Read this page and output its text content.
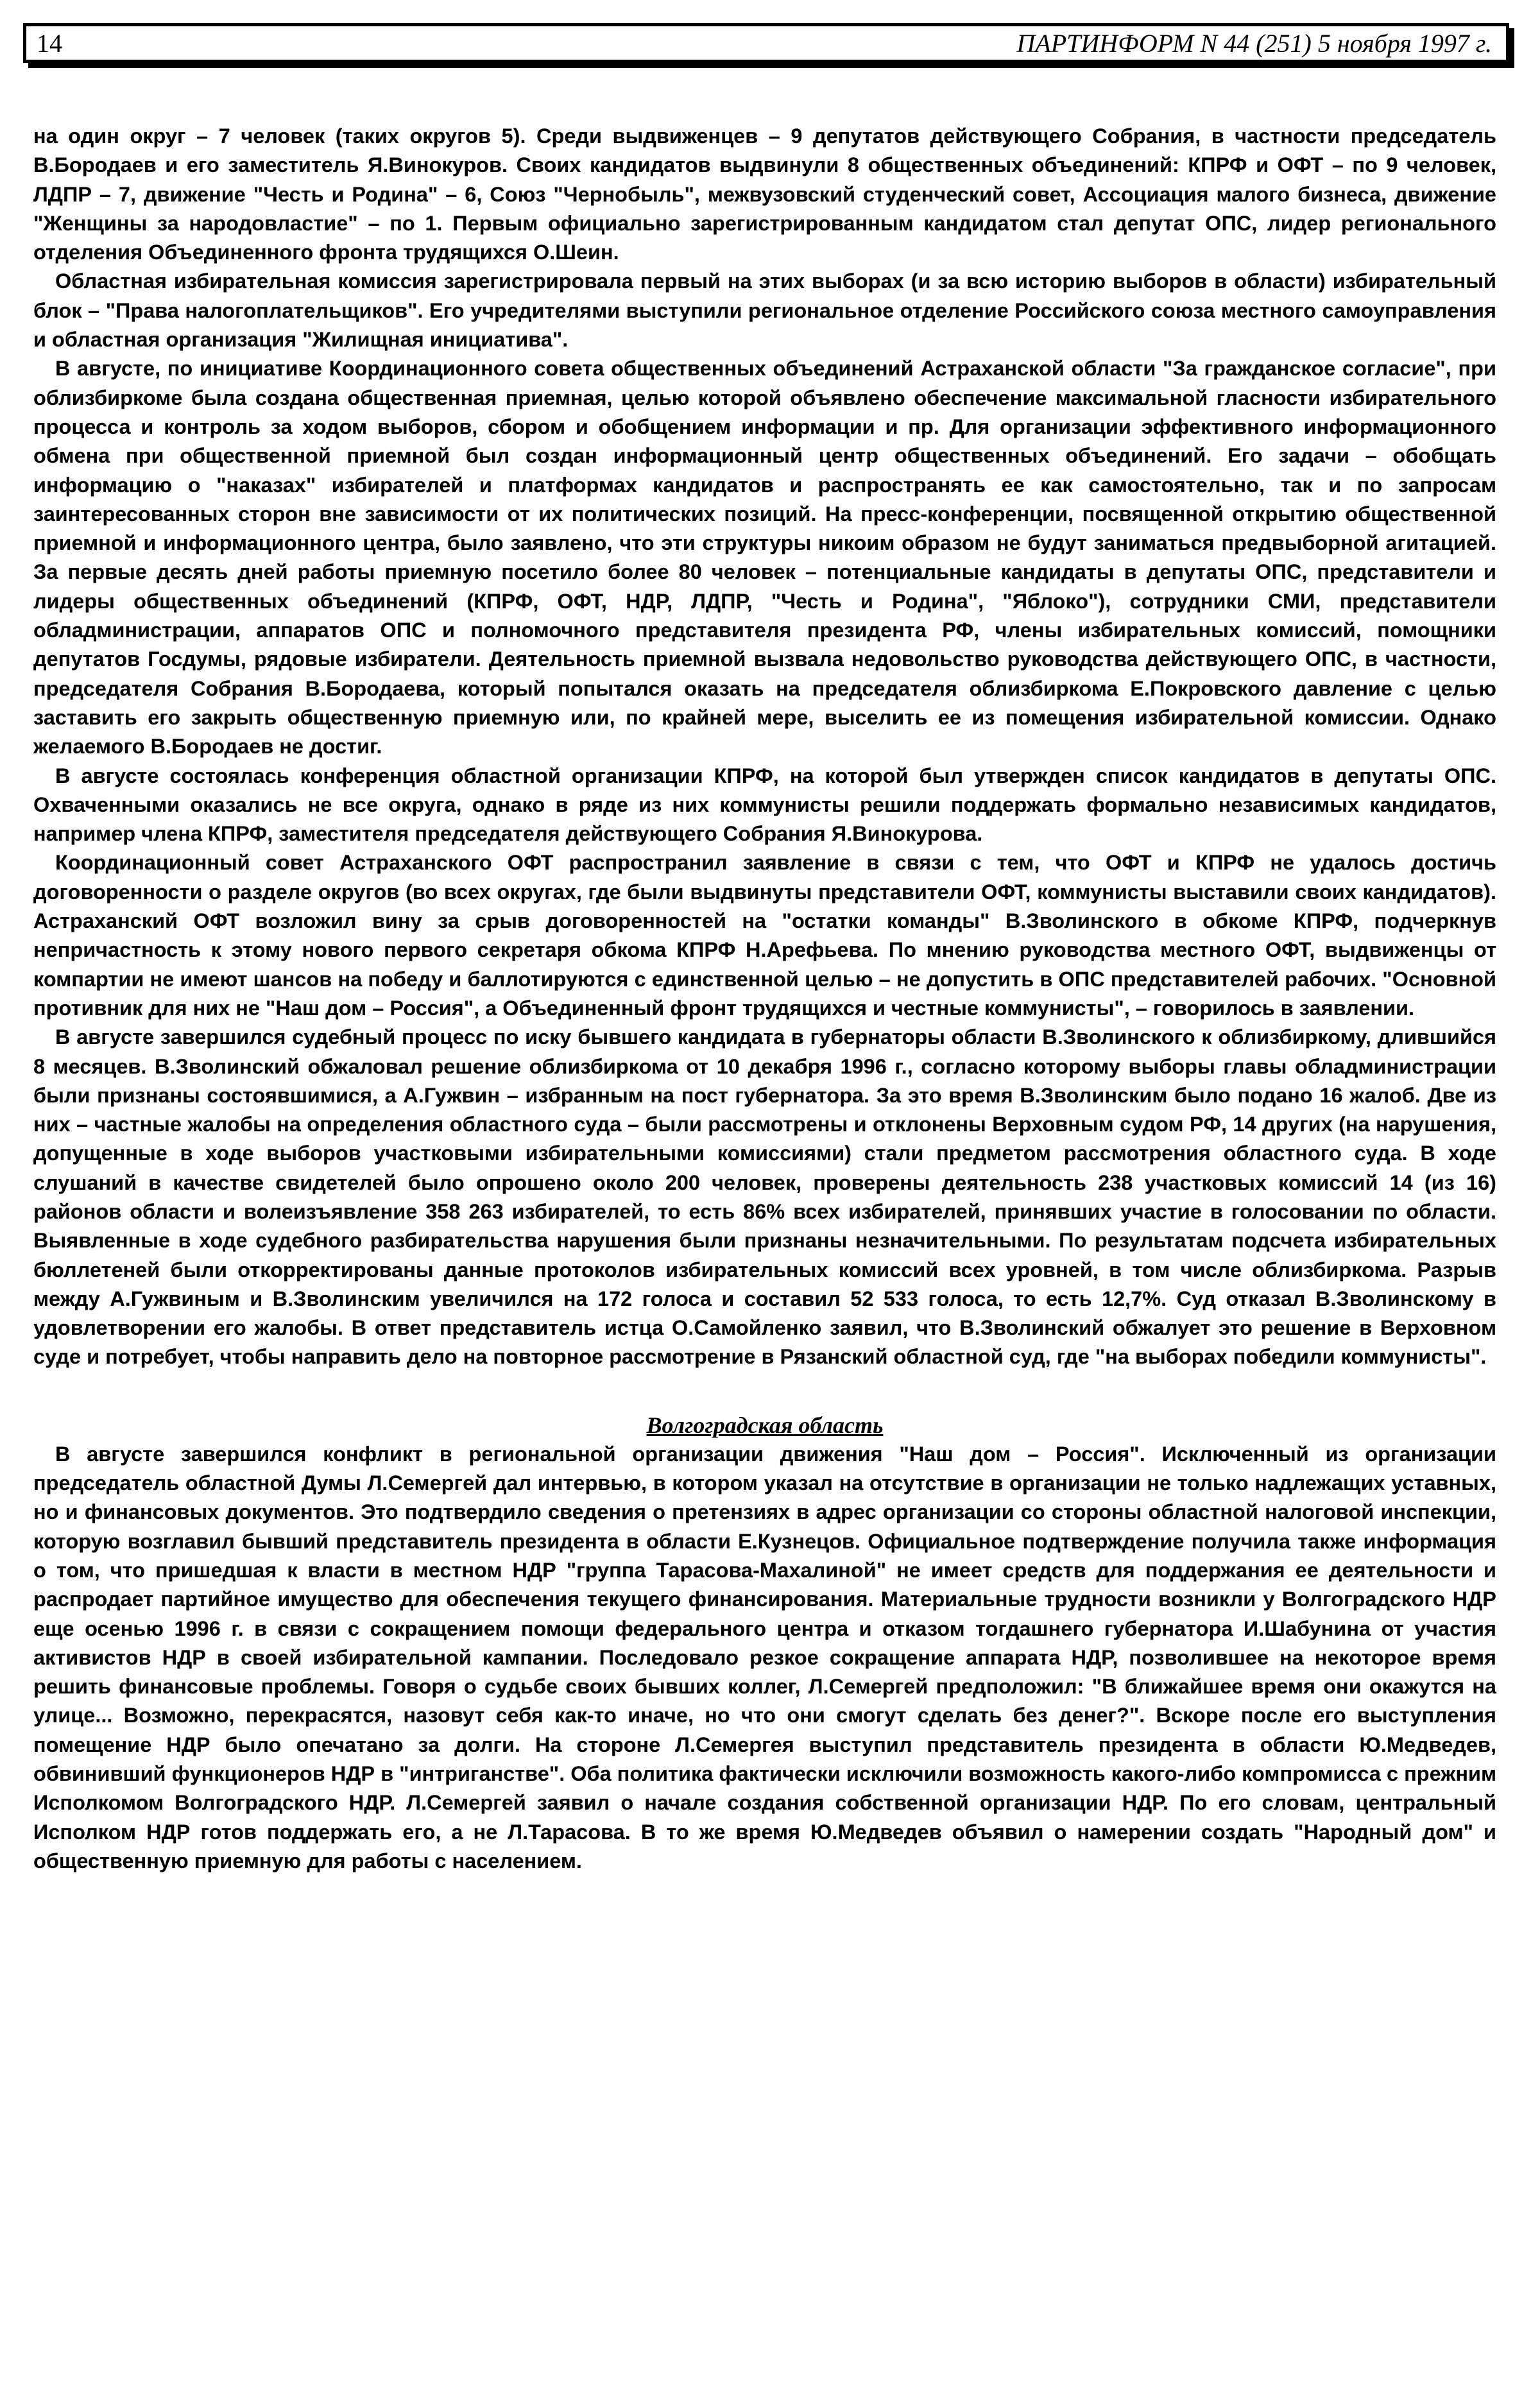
14	ПАРТИНФОРМ N 44 (251) 5 ноября 1997 г.

на один округ – 7 человек (таких округов 5). Среди выдвиженцев – 9 депутатов действующего Собрания, в частности председатель В.Бородаев и его заместитель Я.Винокуров. Своих кандидатов выдвинули 8 общественных объединений: КПРФ и ОФТ – по 9 человек, ЛДПР – 7, движение "Честь и Родина" – 6, Союз "Чернобыль", межвузовский студенческий совет, Ассоциация малого бизнеса, движение "Женщины за народовластие" – по 1. Первым официально зарегистрированным кандидатом стал депутат ОПС, лидер регионального отделения Объединенного фронта трудящихся О.Шеин.

Областная избирательная комиссия зарегистрировала первый на этих выборах (и за всю историю выборов в области) избирательный блок – "Права налогоплательщиков". Его учредителями выступили региональное отделение Российского союза местного самоуправления и областная организация "Жилищная инициатива".

В августе, по инициативе Координационного совета общественных объединений Астраханской области "За гражданское согласие", при облизбиркоме была создана общественная приемная, целью которой объявлено обеспечение максимальной гласности избирательного процесса и контроль за ходом выборов, сбором и обобщением информации и пр. Для организации эффективного информационного обмена при общественной приемной был создан информационный центр общественных объединений. Его задачи – обобщать информацию о "наказах" избирателей и платформах кандидатов и распространять ее как самостоятельно, так и по запросам заинтересованных сторон вне зависимости от их политических позиций. На пресс-конференции, посвященной открытию общественной приемной и информационного центра, было заявлено, что эти структуры никоим образом не будут заниматься предвыборной агитацией. За первые десять дней работы приемную посетило более 80 человек – потенциальные кандидаты в депутаты ОПС, представители и лидеры общественных объединений (КПРФ, ОФТ, НДР, ЛДПР, "Честь и Родина", "Яблоко"), сотрудники СМИ, представители обладминистрации, аппаратов ОПС и полномочного представителя президента РФ, члены избирательных комиссий, помощники депутатов Госдумы, рядовые избиратели. Деятельность приемной вызвала недовольство руководства действующего ОПС, в частности, председателя Собрания В.Бородаева, который попытался оказать на председателя облизбиркома Е.Покровского давление с целью заставить его закрыть общественную приемную или, по крайней мере, выселить ее из помещения избирательной комиссии. Однако желаемого В.Бородаев не достиг.

В августе состоялась конференция областной организации КПРФ, на которой был утвержден список кандидатов в депутаты ОПС. Охваченными оказались не все округа, однако в ряде из них коммунисты решили поддержать формально независимых кандидатов, например члена КПРФ, заместителя председателя действующего Собрания Я.Винокурова.

Координационный совет Астраханского ОФТ распространил заявление в связи с тем, что ОФТ и КПРФ не удалось достичь договоренности о разделе округов (во всех округах, где были выдвинуты представители ОФТ, коммунисты выставили своих кандидатов). Астраханский ОФТ возложил вину за срыв договоренностей на "остатки команды" В.Зволинского в обкоме КПРФ, подчеркнув непричастность к этому нового первого секретаря обкома КПРФ Н.Арефьева. По мнению руководства местного ОФТ, выдвиженцы от компартии не имеют шансов на победу и баллотируются с единственной целью – не допустить в ОПС представителей рабочих. "Основной противник для них не "Наш дом – Россия", а Объединенный фронт трудящихся и честные коммунисты", – говорилось в заявлении.

В августе завершился судебный процесс по иску бывшего кандидата в губернаторы области В.Зволинского к облизбиркому, длившийся 8 месяцев. В.Зволинский обжаловал решение облизбиркома от 10 декабря 1996 г., согласно которому выборы главы обладминистрации были признаны состоявшимися, а А.Гужвин – избранным на пост губернатора. За это время В.Зволинским было подано 16 жалоб. Две из них – частные жалобы на определения областного суда – были рассмотрены и отклонены Верховным судом РФ, 14 других (на нарушения, допущенные в ходе выборов участковыми избирательными комиссиями) стали предметом рассмотрения областного суда. В ходе слушаний в качестве свидетелей было опрошено около 200 человек, проверены деятельность 238 участковых комиссий 14 (из 16) районов области и волеизъявление 358 263 избирателей, то есть 86% всех избирателей, принявших участие в голосовании по области. Выявленные в ходе судебного разбирательства нарушения были признаны незначительными. По результатам подсчета избирательных бюллетеней были откорректированы данные протоколов избирательных комиссий всех уровней, в том числе облизбиркома. Разрыв между А.Гужвиным и В.Зволинским увеличился на 172 голоса и составил 52 533 голоса, то есть 12,7%. Суд отказал В.Зволинскому в удовлетворении его жалобы. В ответ представитель истца О.Самойленко заявил, что В.Зволинский обжалует это решение в Верховном суде и потребует, чтобы направить дело на повторное рассмотрение в Рязанский областной суд, где "на выборах победили коммунисты".

Волгоградская область

В августе завершился конфликт в региональной организации движения "Наш дом – Россия". Исключенный из организации председатель областной Думы Л.Семергей дал интервью, в котором указал на отсутствие в организации не только надлежащих уставных, но и финансовых документов. Это подтвердило сведения о претензиях в адрес организации со стороны областной налоговой инспекции, которую возглавил бывший представитель президента в области Е.Кузнецов. Официальное подтверждение получила также информация о том, что пришедшая к власти в местном НДР "группа Тарасова-Махалиной" не имеет средств для поддержания ее деятельности и распродает партийное имущество для обеспечения текущего финансирования. Материальные трудности возникли у Волгоградского НДР еще осенью 1996 г. в связи с сокращением помощи федерального центра и отказом тогдашнего губернатора И.Шабунина от участия активистов НДР в своей избирательной кампании. Последовало резкое сокращение аппарата НДР, позволившее на некоторое время решить финансовые проблемы. Говоря о судьбе своих бывших коллег, Л.Семергей предположил: "В ближайшее время они окажутся на улице... Возможно, перекрасятся, назовут себя как-то иначе, но что они смогут сделать без денег?". Вскоре после его выступления помещение НДР было опечатано за долги. На стороне Л.Семергея выступил представитель президента в области Ю.Медведев, обвинивший функционеров НДР в "интриганстве". Оба политика фактически исключили возможность какого-либо компромисса с прежним Исполкомом Волгоградского НДР. Л.Семергей заявил о начале создания собственной организации НДР. По его словам, центральный Исполком НДР готов поддержать его, а не Л.Тарасова. В то же время Ю.Медведев объявил о намерении создать "Народный дом" и общественную приемную для работы с населением.
